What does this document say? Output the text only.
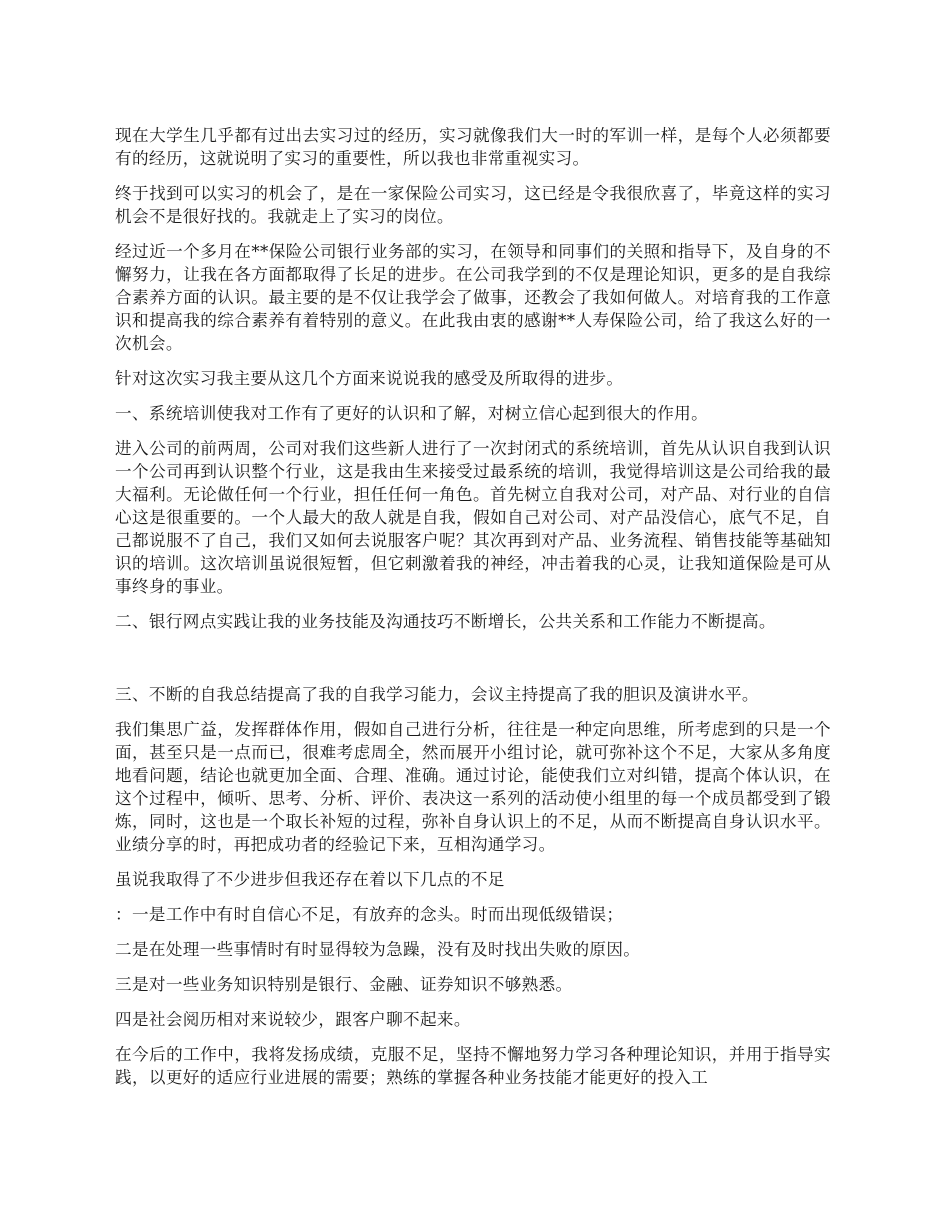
现在大学生几乎都有过出去实习过的经历，实习就像我们大一时的军训一样，是每个人必须都要有的经历，这就说明了实习的重要性，所以我也非常重视实习。

终于找到可以实习的机会了，是在一家保险公司实习，这已经是令我很欣喜了，毕竟这样的实习机会不是很好找的。我就走上了实习的岗位。

经过近一个多月在**保险公司银行业务部的实习，在领导和同事们的关照和指导下，及自身的不懈努力，让我在各方面都取得了长足的进步。在公司我学到的不仅是理论知识，更多的是自我综合素养方面的认识。最主要的是不仅让我学会了做事，还教会了我如何做人。对培育我的工作意识和提高我的综合素养有着特别的意义。在此我由衷的感谢**人寿保险公司，给了我这么好的一次机会。

针对这次实习我主要从这几个方面来说说我的感受及所取得的进步。

一、系统培训使我对工作有了更好的认识和了解，对树立信心起到很大的作用。

进入公司的前两周，公司对我们这些新人进行了一次封闭式的系统培训，首先从认识自我到认识一个公司再到认识整个行业，这是我由生来接受过最系统的培训，我觉得培训这是公司给我的最大福利。无论做任何一个行业，担任任何一角色。首先树立自我对公司，对产品、对行业的自信心这是很重要的。一个人最大的敌人就是自我，假如自己对公司、对产品没信心，底气不足，自己都说服不了自己，我们又如何去说服客户呢？其次再到对产品、业务流程、销售技能等基础知识的培训。这次培训虽说很短暂，但它刺激着我的神经，冲击着我的心灵，让我知道保险是可从事终身的事业。

二、银行网点实践让我的业务技能及沟通技巧不断增长，公共关系和工作能力不断提高。

三、不断的自我总结提高了我的自我学习能力，会议主持提高了我的胆识及演讲水平。

我们集思广益，发挥群体作用，假如自己进行分析，往往是一种定向思维，所考虑到的只是一个面，甚至只是一点而已，很难考虑周全，然而展开小组讨论，就可弥补这个不足，大家从多角度地看问题，结论也就更加全面、合理、准确。通过讨论，能使我们立对纠错，提高个体认识，在这个过程中，倾听、思考、分析、评价、表决这一系列的活动使小组里的每一个成员都受到了锻炼，同时，这也是一个取长补短的过程，弥补自身认识上的不足，从而不断提高自身认识水平。业绩分享的时，再把成功者的经验记下来，互相沟通学习。

虽说我取得了不少进步但我还存在着以下几点的不足

：一是工作中有时自信心不足，有放弃的念头。时而出现低级错误；

二是在处理一些事情时有时显得较为急躁，没有及时找出失败的原因。

三是对一些业务知识特别是银行、金融、证券知识不够熟悉。

四是社会阅历相对来说较少，跟客户聊不起来。

在今后的工作中，我将发扬成绩，克服不足，坚持不懈地努力学习各种理论知识，并用于指导实践，以更好的适应行业进展的需要；熟练的掌握各种业务技能才能更好的投入工
